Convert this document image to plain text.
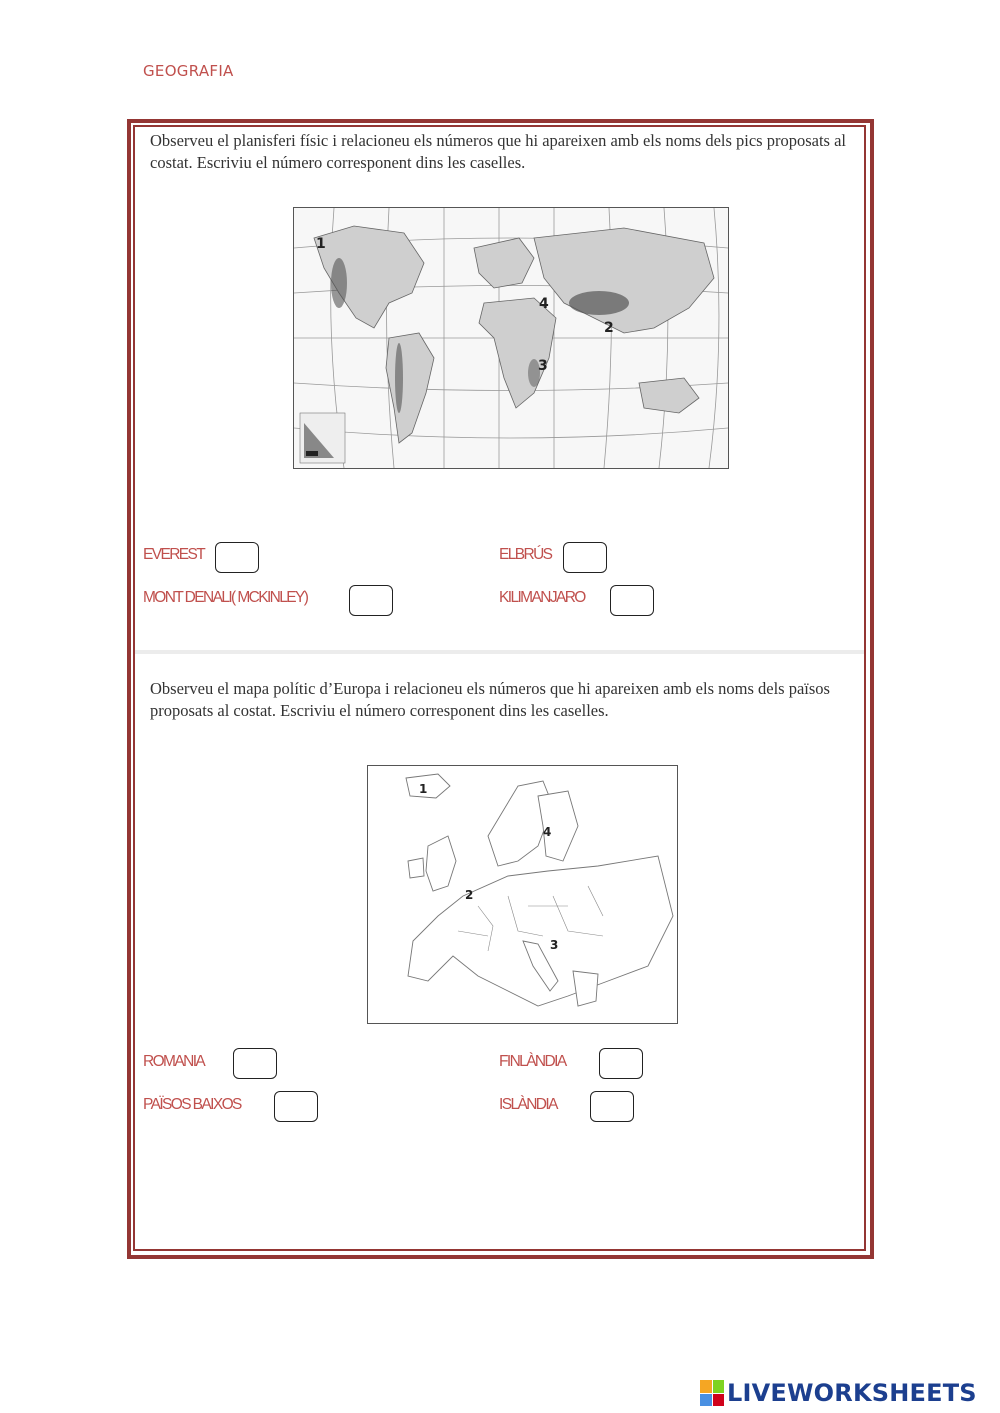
GEOGRAFIA
Observeu el planisferi físic i relacioneu els números que hi apareixen amb els noms dels pics proposats al costat. Escriviu el número corresponent dins les caselles.
1
2
3
4
EVEREST	ELBRÚS
MONT DENALI( MCKINLEY)	KILIMANJARO
Observeu el mapa polític d’Europa i relacioneu els números que hi apareixen amb els noms dels països proposats al costat. Escriviu el número corresponent dins les caselles.
1
2
3
4
ROMANIA	FINLÀNDIA
PAÏSOS BAIXOS	ISLÀNDIA
LIVEWORKSHEETS
